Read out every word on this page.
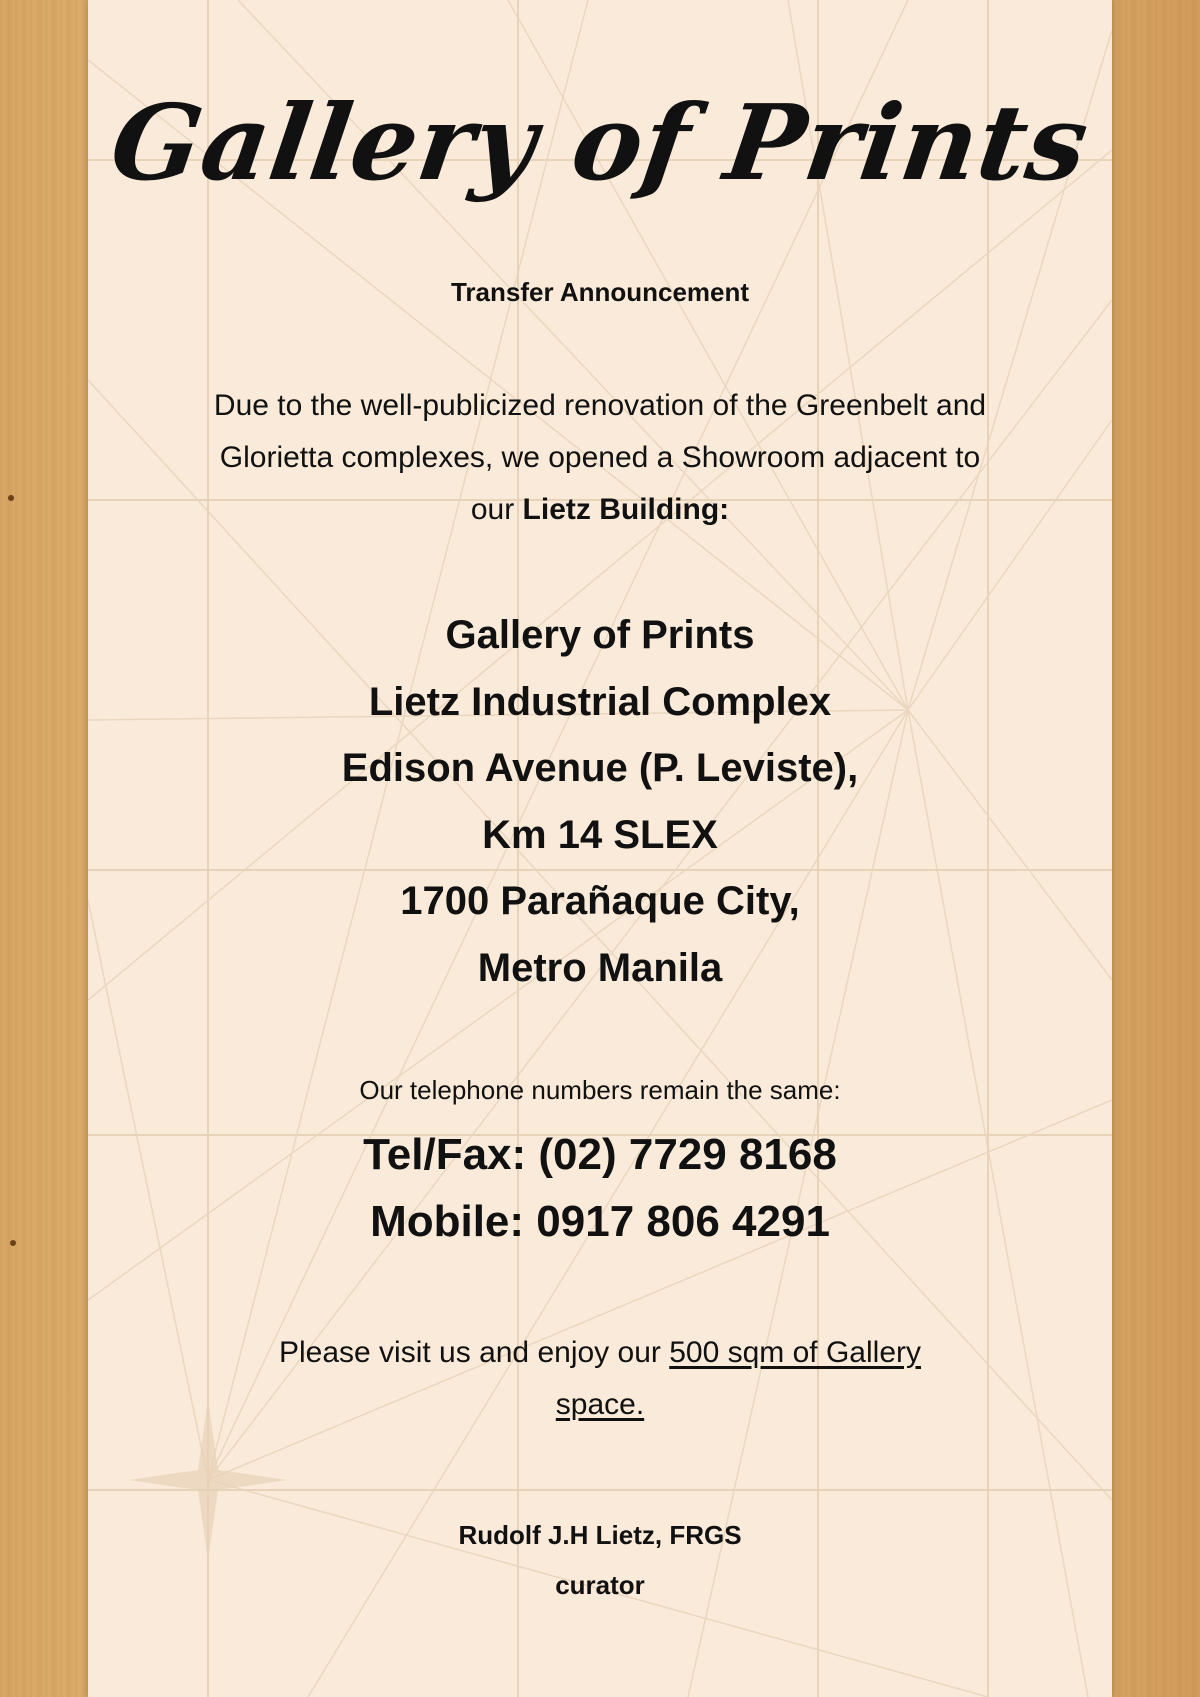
Gallery of Prints
Transfer Announcement
Due to the well-publicized renovation of the Greenbelt and Glorietta complexes, we opened a Showroom adjacent to our Lietz Building:
Gallery of Prints
Lietz Industrial Complex
Edison Avenue (P. Leviste),
Km 14 SLEX
1700 Parañaque City,
Metro Manila
Our telephone numbers remain the same:
Tel/Fax: (02) 7729 8168
Mobile: 0917 806 4291
Please visit us and enjoy our 500 sqm of Gallery space.
Rudolf J.H Lietz, FRGS
curator
